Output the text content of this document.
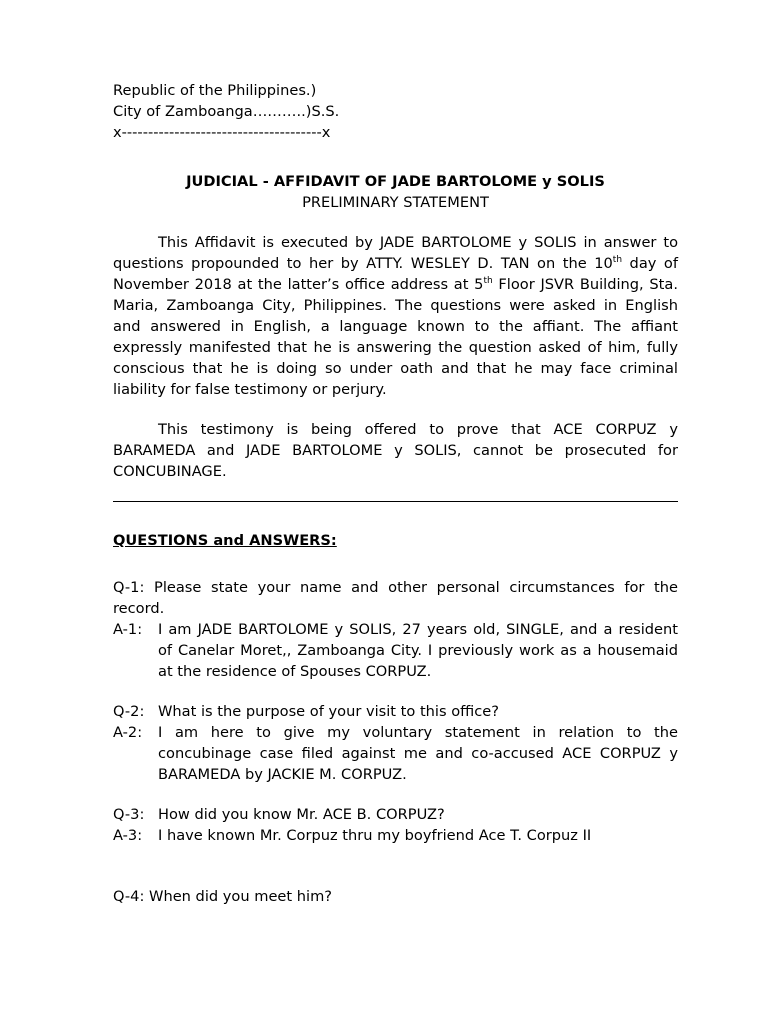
Republic of the Philippines.)
City of Zamboanga………..)S.S.
x--------------------------------------x
JUDICIAL - AFFIDAVIT OF JADE BARTOLOME y SOLIS
PRELIMINARY STATEMENT

This Affidavit is executed by JADE BARTOLOME y SOLIS in answer to questions propounded to her by ATTY. WESLEY D. TAN on the 10th day of November 2018 at the latter’s office address at 5th Floor JSVR Building, Sta. Maria, Zamboanga City, Philippines. The questions were asked in English and answered in English, a language known to the affiant. The affiant expressly manifested that he is answering the question asked of him, fully conscious that he is doing so under oath and that he may face criminal liability for false testimony or perjury.

This testimony is being offered to prove that ACE CORPUZ y BARAMEDA and JADE BARTOLOME y SOLIS, cannot be prosecuted for CONCUBINAGE.

QUESTIONS and ANSWERS:
Q-1: Please state your name and other personal circumstances for the record.
A-1: I am JADE BARTOLOME y SOLIS, 27 years old, SINGLE, and a resident of Canelar Moret,, Zamboanga City. I previously work as a housemaid at the residence of Spouses CORPUZ.
Q-2: What is the purpose of your visit to this office?
A-2: I am here to give my voluntary statement in relation to the concubinage case filed against me and co-accused ACE CORPUZ y BARAMEDA by JACKIE M. CORPUZ.
Q-3: How did you know Mr. ACE B. CORPUZ?
A-3: I have known Mr. Corpuz thru my boyfriend Ace T. Corpuz II
Q-4: When did you meet him?
